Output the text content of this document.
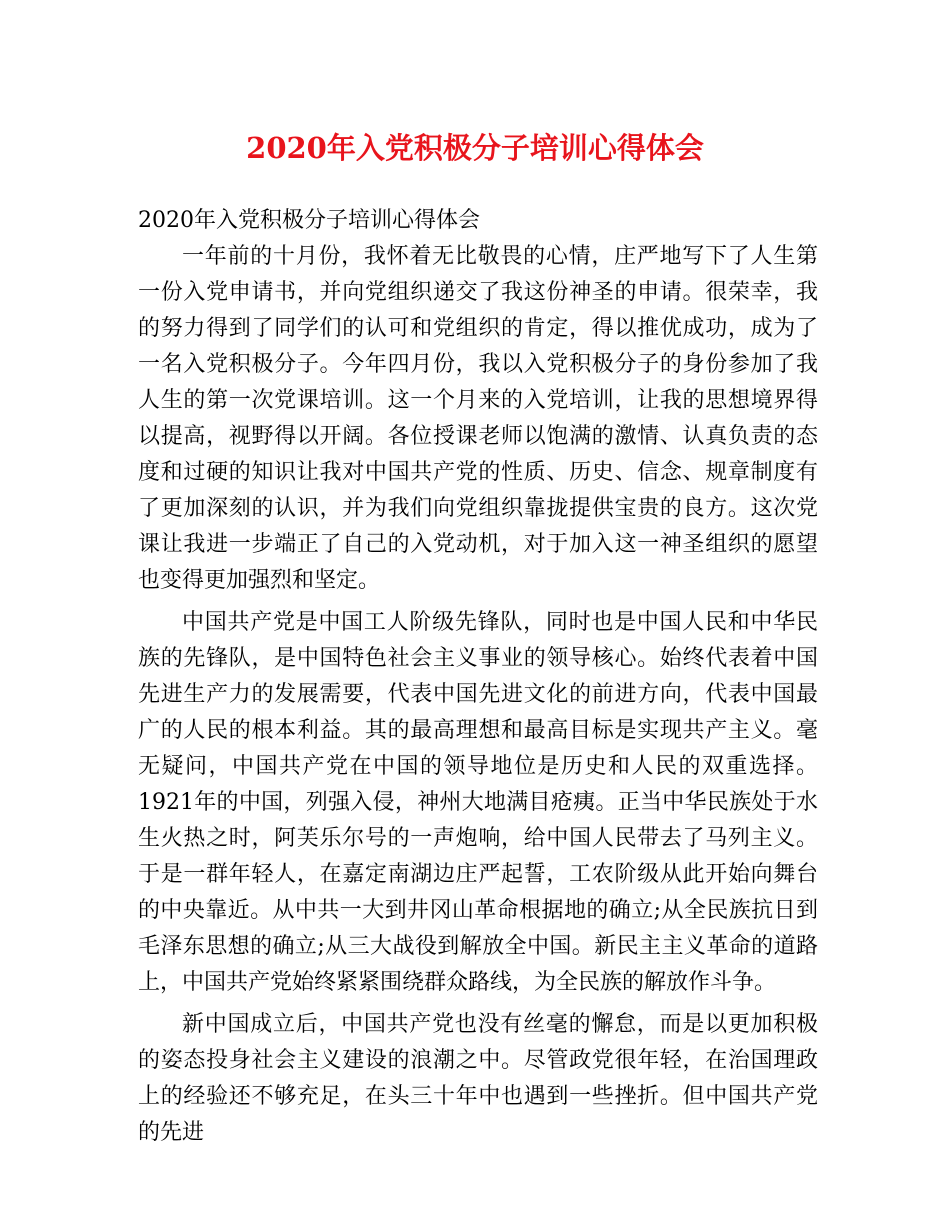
2020年入党积极分子培训心得体会

2020年入党积极分子培训心得体会

一年前的十月份，我怀着无比敬畏的心情，庄严地写下了人生第一份入党申请书，并向党组织递交了我这份神圣的申请。很荣幸，我的努力得到了同学们的认可和党组织的肯定，得以推优成功，成为了一名入党积极分子。今年四月份，我以入党积极分子的身份参加了我人生的第一次党课培训。这一个月来的入党培训，让我的思想境界得以提高，视野得以开阔。各位授课老师以饱满的激情、认真负责的态度和过硬的知识让我对中国共产党的性质、历史、信念、规章制度有了更加深刻的认识，并为我们向党组织靠拢提供宝贵的良方。这次党课让我进一步端正了自己的入党动机，对于加入这一神圣组织的愿望也变得更加强烈和坚定。

中国共产党是中国工人阶级先锋队，同时也是中国人民和中华民族的先锋队，是中国特色社会主义事业的领导核心。始终代表着中国先进生产力的发展需要，代表中国先进文化的前进方向，代表中国最广的人民的根本利益。其的最高理想和最高目标是实现共产主义。毫无疑问，中国共产党在中国的领导地位是历史和人民的双重选择。1921年的中国，列强入侵，神州大地满目疮痍。正当中华民族处于水生火热之时，阿芙乐尔号的一声炮响，给中国人民带去了马列主义。于是一群年轻人，在嘉定南湖边庄严起誓，工农阶级从此开始向舞台的中央靠近。从中共一大到井冈山革命根据地的确立;从全民族抗日到毛泽东思想的确立;从三大战役到解放全中国。新民主主义革命的道路上，中国共产党始终紧紧围绕群众路线，为全民族的解放作斗争。

新中国成立后，中国共产党也没有丝毫的懈怠，而是以更加积极的姿态投身社会主义建设的浪潮之中。尽管政党很年轻，在治国理政上的经验还不够充足，在头三十年中也遇到一些挫折。但中国共产党的先进
